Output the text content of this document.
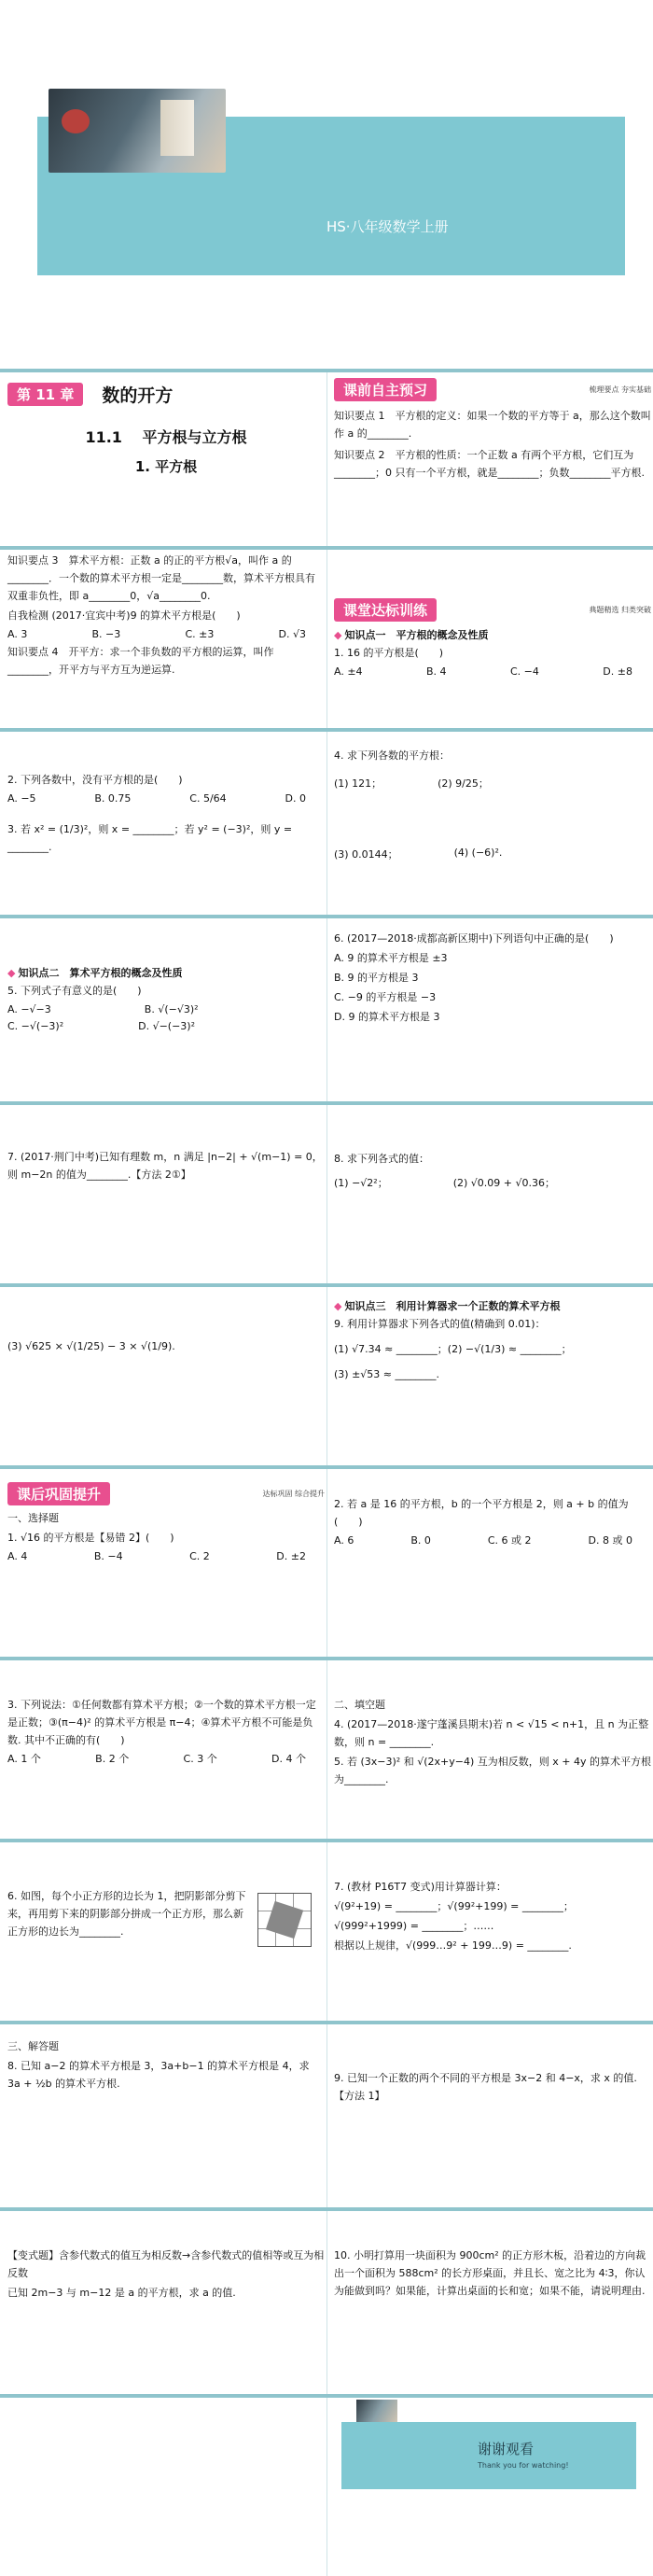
HS·八年级数学上册
第 11 章	数的开方
11.1 平方根与立方根
1. 平方根
课前自主预习	梳理要点 夯实基础
知识要点 1　平方根的定义：如果一个数的平方等于 a，那么这个数叫作 a 的________.
知识要点 2　平方根的性质：一个正数 a 有两个平方根，它们互为________；0 只有一个平方根，就是________；负数________平方根.
知识要点 3　算术平方根：正数 a 的正的平方根√a，叫作 a 的________．一个数的算术平方根一定是________数，算术平方根具有双重非负性，即 a________0，√a________0.
自我检测 (2017·宜宾中考)9 的算术平方根是(　　)
A. 3	B. −3	C. ±3	D. √3
知识要点 4　开平方：求一个非负数的平方根的运算，叫作________，开平方与平方互为逆运算.
课堂达标训练	典题精选 归类突破
◆ 知识点一　平方根的概念及性质
1. 16 的平方根是(　　)
A. ±4	B. 4	C. −4	D. ±8
2. 下列各数中，没有平方根的是(　　)
A. −5	B. 0.75	C. 5/64	D. 0
3. 若 x² = (1/3)²，则 x = ________；若 y² = (−3)²，则 y = ________.
4. 求下列各数的平方根：
(1) 121；	(2) 9/25；
(3) 0.0144；	(4) (−6)².
◆ 知识点二　算术平方根的概念及性质
5. 下列式子有意义的是(　　)
A. −√−3	B. √(−√3)²
C. −√(−3)²	D. √−(−3)²
6. (2017—2018·成都高新区期中)下列语句中正确的是(　　)
A. 9 的算术平方根是 ±3
B. 9 的平方根是 3
C. −9 的平方根是 −3
D. 9 的算术平方根是 3
7. (2017·荆门中考)已知有理数 m，n 满足 |n−2| + √(m−1) = 0，则 m−2n 的值为________.【方法 2①】
8. 求下列各式的值：
(1) −√2²；	(2) √0.09 + √0.36；
(3) √625 × √(1/25) − 3 × √(1/9).
◆ 知识点三　利用计算器求一个正数的算术平方根
9. 利用计算器求下列各式的值(精确到 0.01)：
(1) √7.34 ≈ ________；(2) −√(1/3) ≈ ________；
(3) ±√53 ≈ ________.
课后巩固提升	达标巩固 综合提升
一、选择题
1. √16 的平方根是【易错 2】(　　)
A. 4	B. −4	C. 2	D. ±2
2. 若 a 是 16 的平方根，b 的一个平方根是 2，则 a + b 的值为(　　)
A. 6	B. 0	C. 6 或 2	D. 8 或 0
3. 下列说法：①任何数都有算术平方根；②一个数的算术平方根一定是正数；③(π−4)² 的算术平方根是 π−4；④算术平方根不可能是负数. 其中不正确的有(　　)
A. 1 个	B. 2 个	C. 3 个	D. 4 个
二、填空题
4. (2017—2018·遂宁蓬溪县期末)若 n < √15 < n+1，且 n 为正整数，则 n = ________.
5. 若 (3x−3)² 和 √(2x+y−4) 互为相反数，则 x + 4y 的算术平方根为________.
6. 如图，每个小正方形的边长为 1，把阴影部分剪下来，再用剪下来的阴影部分拼成一个正方形，那么新正方形的边长为________.
7. (教材 P16T7 变式)用计算器计算：
√(9²+19) = ________；√(99²+199) = ________；
√(999²+1999) = ________；……
根据以上规律，√(999…9² + 199…9) = ________.
三、解答题
8. 已知 a−2 的算术平方根是 3，3a+b−1 的算术平方根是 4，求 3a + ½b 的算术平方根.	9. 已知一个正数的两个不同的平方根是 3x−2 和 4−x，求 x 的值.【方法 1】
【变式题】含参代数式的值互为相反数→含参代数式的值相等或互为相反数
已知 2m−3 与 m−12 是 a 的平方根，求 a 的值.
10. 小明打算用一块面积为 900cm² 的正方形木板，沿着边的方向裁出一个面积为 588cm² 的长方形桌面，并且长、宽之比为 4∶3，你认为能做到吗？如果能，计算出桌面的长和宽；如果不能，请说明理由.
谢谢观看
Thank you for watching!
